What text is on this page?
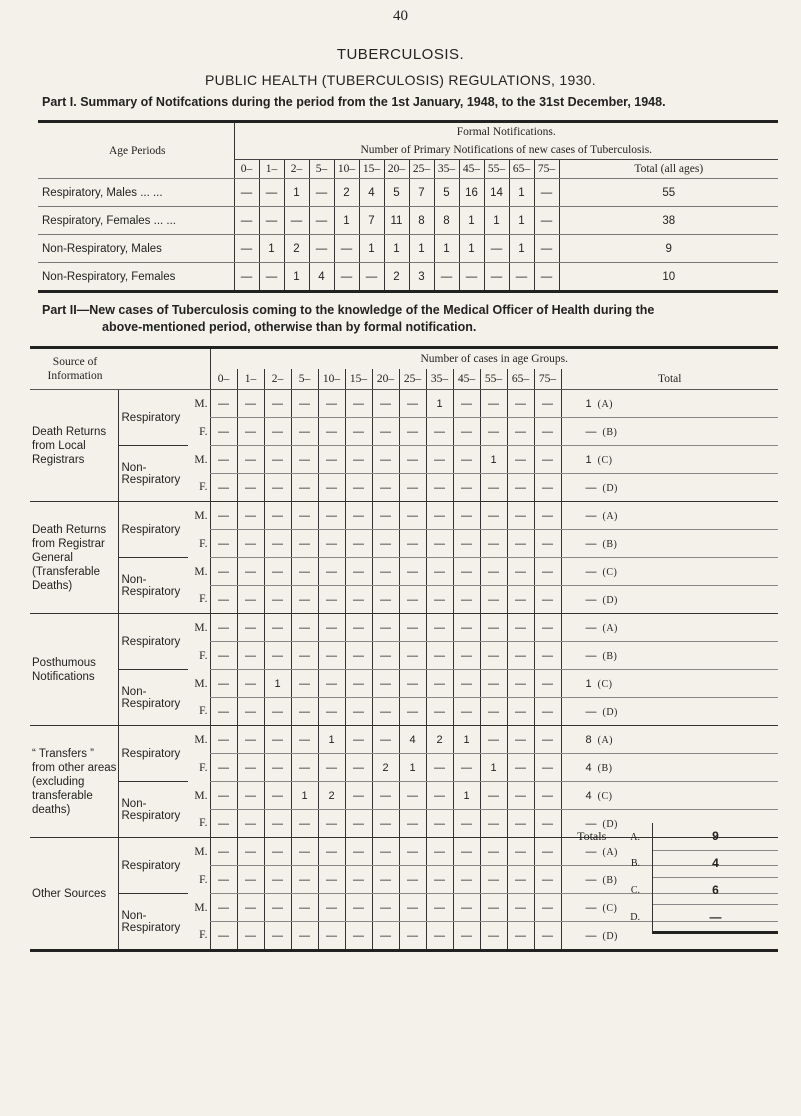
40
TUBERCULOSIS.
PUBLIC HEALTH (TUBERCULOSIS) REGULATIONS, 1930.
Part I. Summary of Notifcations during the period from the 1st January, 1948, to the 31st December, 1948.
Age Periods	Formal Notifications.													
	Number of Primary Notifications of new cases of Tuberculosis.													
	0–	1–	2–	5–	10–	15–	20–	25–	35–	45–	55–	65–	75–	Total (all ages)
Respiratory, Males ... ...	—	—	1	—	2	4	5	7	5	16	14	1	—	55
Respiratory, Females ... ...	—	—	—	—	1	7	11	8	8	1	1	1	—	38
Non-Respiratory, Males	—	1	2	—	—	1	1	1	1	1	—	1	—	9
Non-Respiratory, Females	—	—	1	4	—	—	2	3	—	—	—	—	—	10
Part II—New cases of Tuberculosis coming to the knowledge of the Medical Officer of Health during the
above-mentioned period, otherwise than by formal notification.
Source of Information			Number of cases in age Groups.													
			0–	1–	2–	5–	10–	15–	20–	25–	35–	45–	55–	65–	75–	Total
Death Returns from Local Registrars	Respiratory	M.	—	—	—	—	—	—	—	—	1	—	—	—	—	1 (A)
		F.	—	—	—	—	—	—	—	—	—	—	—	—	—	— (B)
	Non-Respiratory	M.	—	—	—	—	—	—	—	—	—	—	1	—	—	1 (C)
		F.	—	—	—	—	—	—	—	—	—	—	—	—	—	— (D)
Death Returns from Registrar General (Transferable Deaths)	Respiratory	M.	—	—	—	—	—	—	—	—	—	—	—	—	—	— (A)
		F.	—	—	—	—	—	—	—	—	—	—	—	—	—	— (B)
	Non-Respiratory	M.	—	—	—	—	—	—	—	—	—	—	—	—	—	— (C)
		F.	—	—	—	—	—	—	—	—	—	—	—	—	—	— (D)
Posthumous Notifications	Respiratory	M.	—	—	—	—	—	—	—	—	—	—	—	—	—	— (A)
		F.	—	—	—	—	—	—	—	—	—	—	—	—	—	— (B)
	Non-Respiratory	M.	—	—	1	—	—	—	—	—	—	—	—	—	—	1 (C)
		F.	—	—	—	—	—	—	—	—	—	—	—	—	—	— (D)
“ Transfers ” from other areas (excluding transferable deaths)	Respiratory	M.	—	—	—	—	1	—	—	4	2	1	—	—	—	8 (A)
		F.	—	—	—	—	—	—	2	1	—	—	1	—	—	4 (B)
	Non-Respiratory	M.	—	—	—	1	2	—	—	—	—	1	—	—	—	4 (C)
		F.	—	—	—	—	—	—	—	—	—	—	—	—	—	— (D)
Other Sources	Respiratory	M.	—	—	—	—	—	—	—	—	—	—	—	—	—	— (A)
		F.	—	—	—	—	—	—	—	—	—	—	—	—	—	— (B)
	Non-Respiratory	M.	—	—	—	—	—	—	—	—	—	—	—	—	—	— (C)
		F.	—	—	—	—	—	—	—	—	—	—	—	—	—	— (D)
Totals A.	9
B.	4
C.	6
D.	—
